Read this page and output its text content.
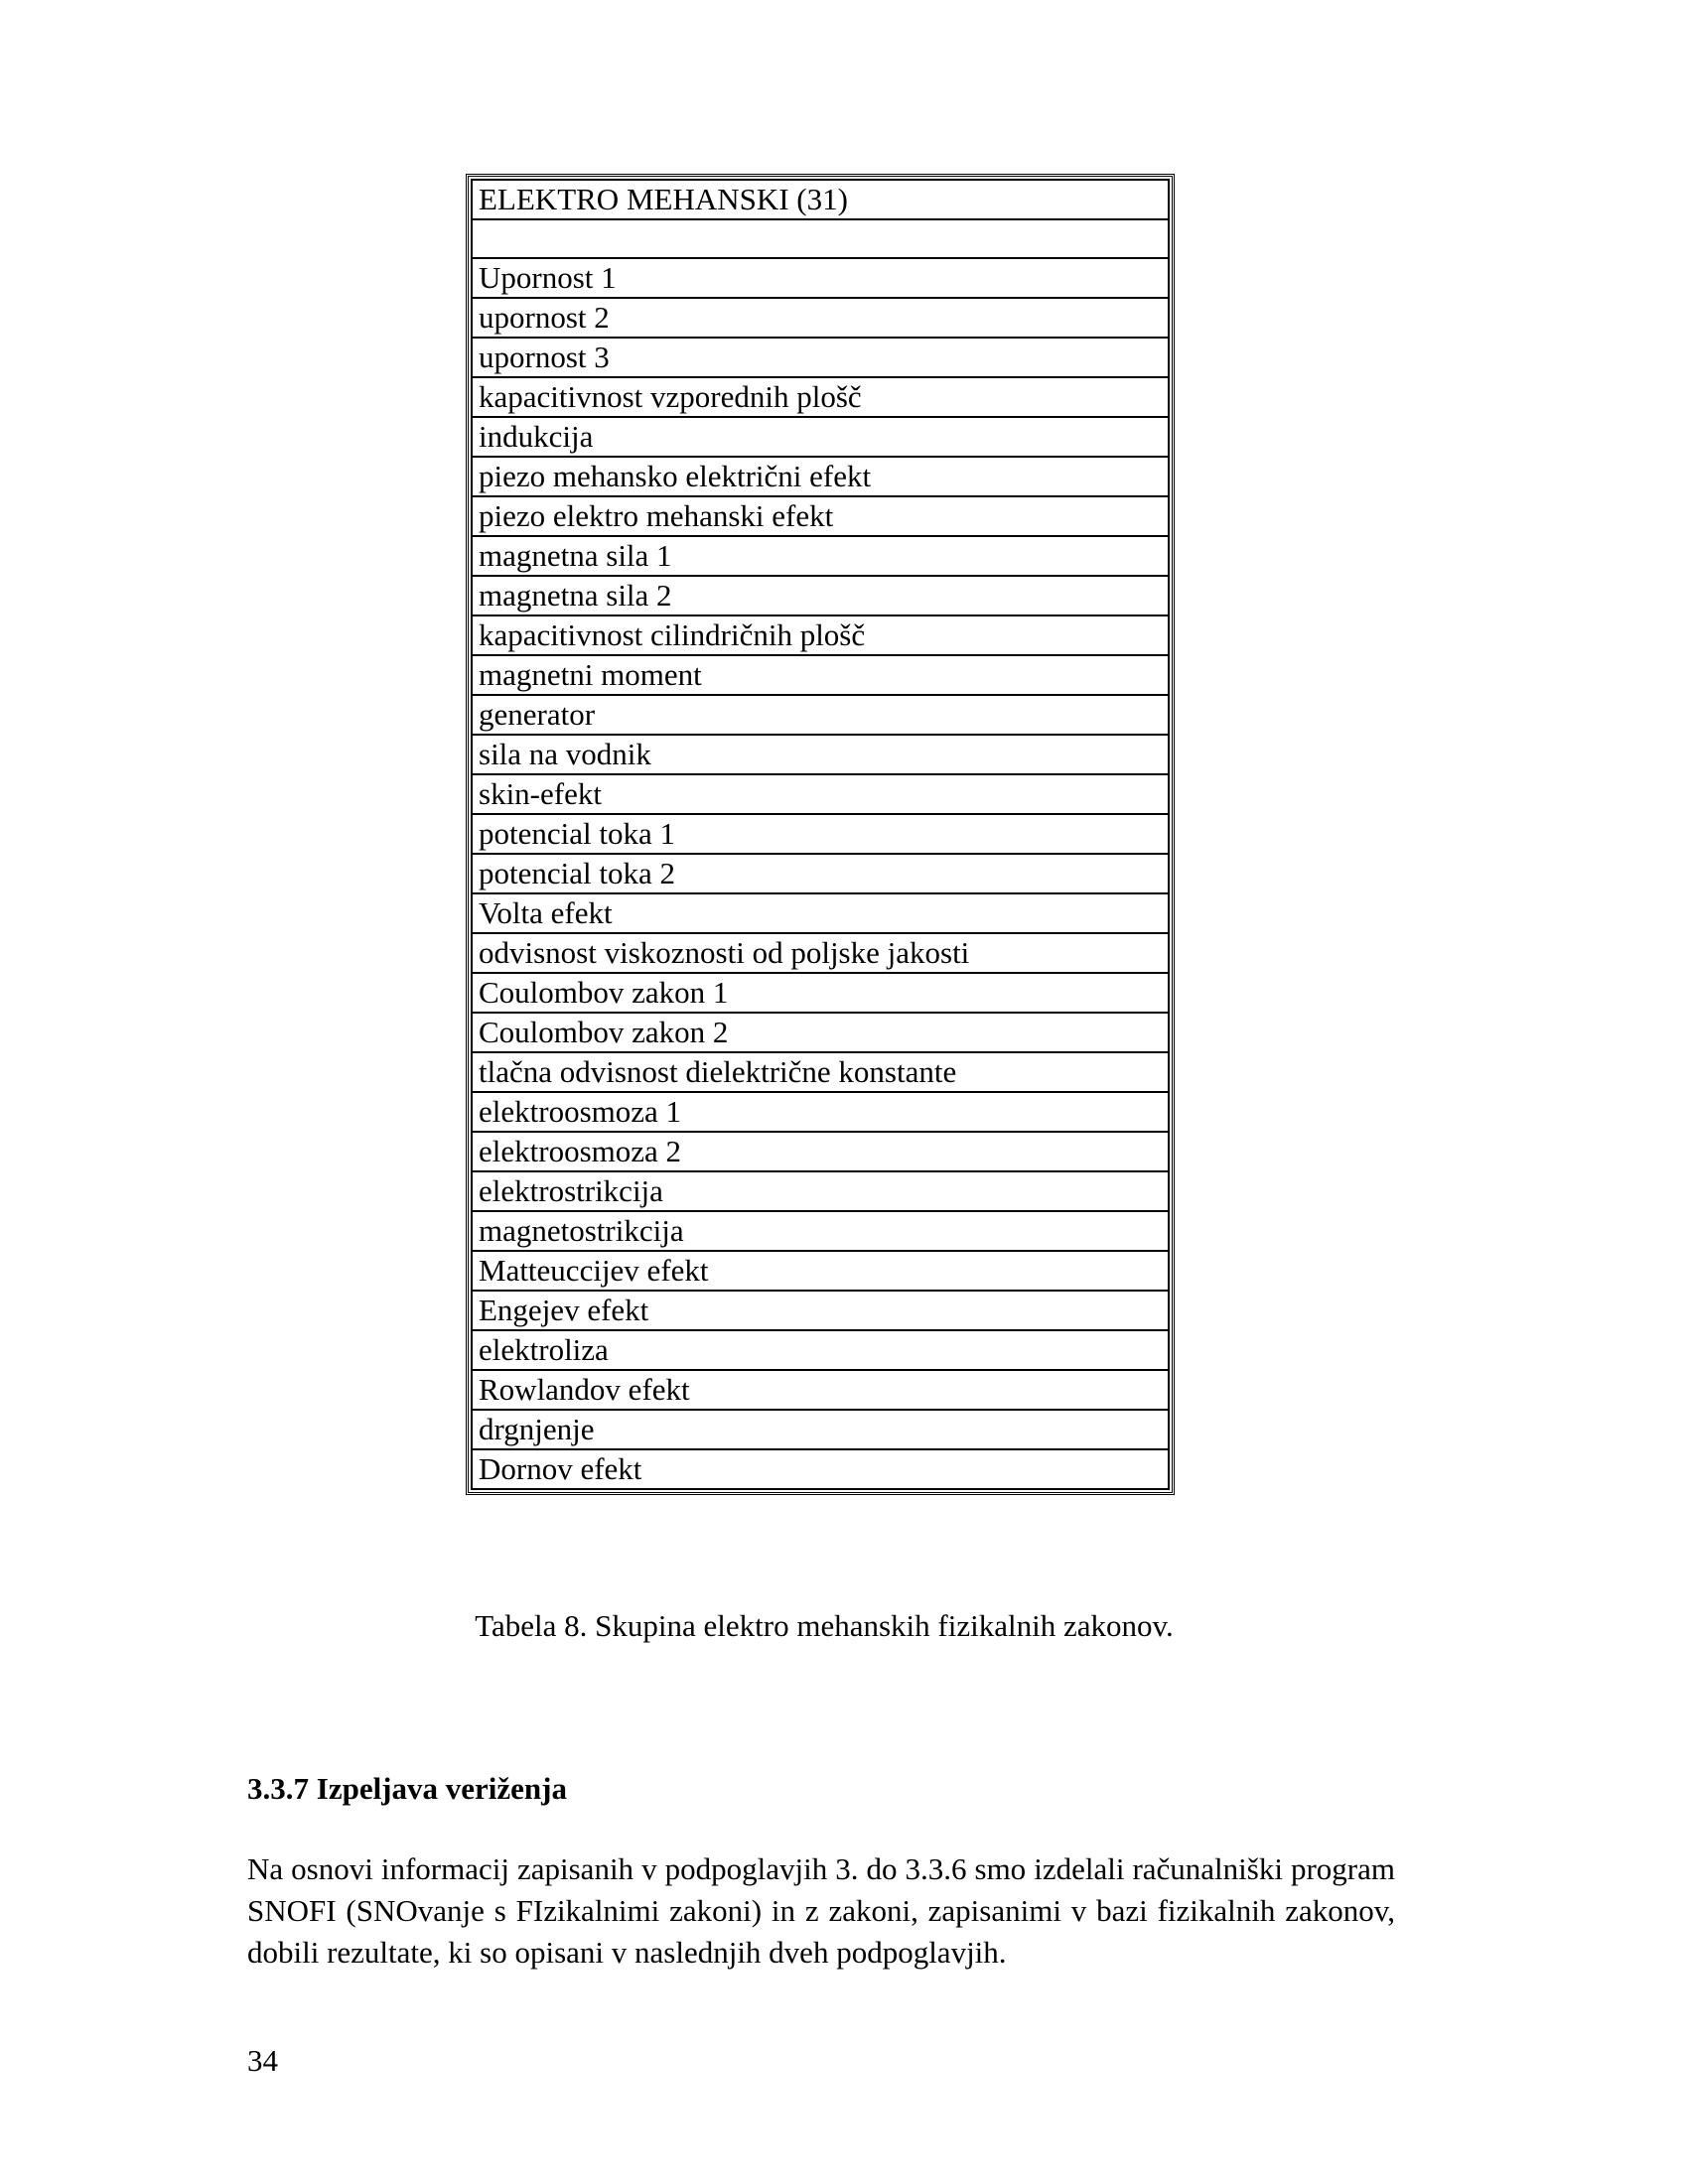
ELEKTRO MEHANSKI (31)

Upornost 1
upornost 2
upornost 3
kapacitivnost vzporednih plošč
indukcija
piezo mehansko električni efekt
piezo elektro mehanski efekt
magnetna sila 1
magnetna sila 2
kapacitivnost cilindričnih plošč
magnetni moment
generator
sila na vodnik
skin-efekt
potencial toka 1
potencial toka 2
Volta efekt
odvisnost viskoznosti od poljske jakosti
Coulombov zakon 1
Coulombov zakon 2
tlačna odvisnost dielektrične konstante
elektroosmoza 1
elektroosmoza 2
elektrostrikcija
magnetostrikcija
Matteuccijev efekt
Engejev efekt
elektroliza
Rowlandov efekt
drgnjenje
Dornov efekt
Tabela 8. Skupina elektro mehanskih fizikalnih zakonov.
3.3.7 Izpeljava veriženja
Na osnovi informacij zapisanih v podpoglavjih 3. do 3.3.6 smo izdelali računalniški program SNOFI (SNOvanje s FIzikalnimi zakoni) in z zakoni, zapisanimi v bazi fizikalnih zakonov, dobili rezultate, ki so opisani v naslednjih dveh podpoglavjih.
34
